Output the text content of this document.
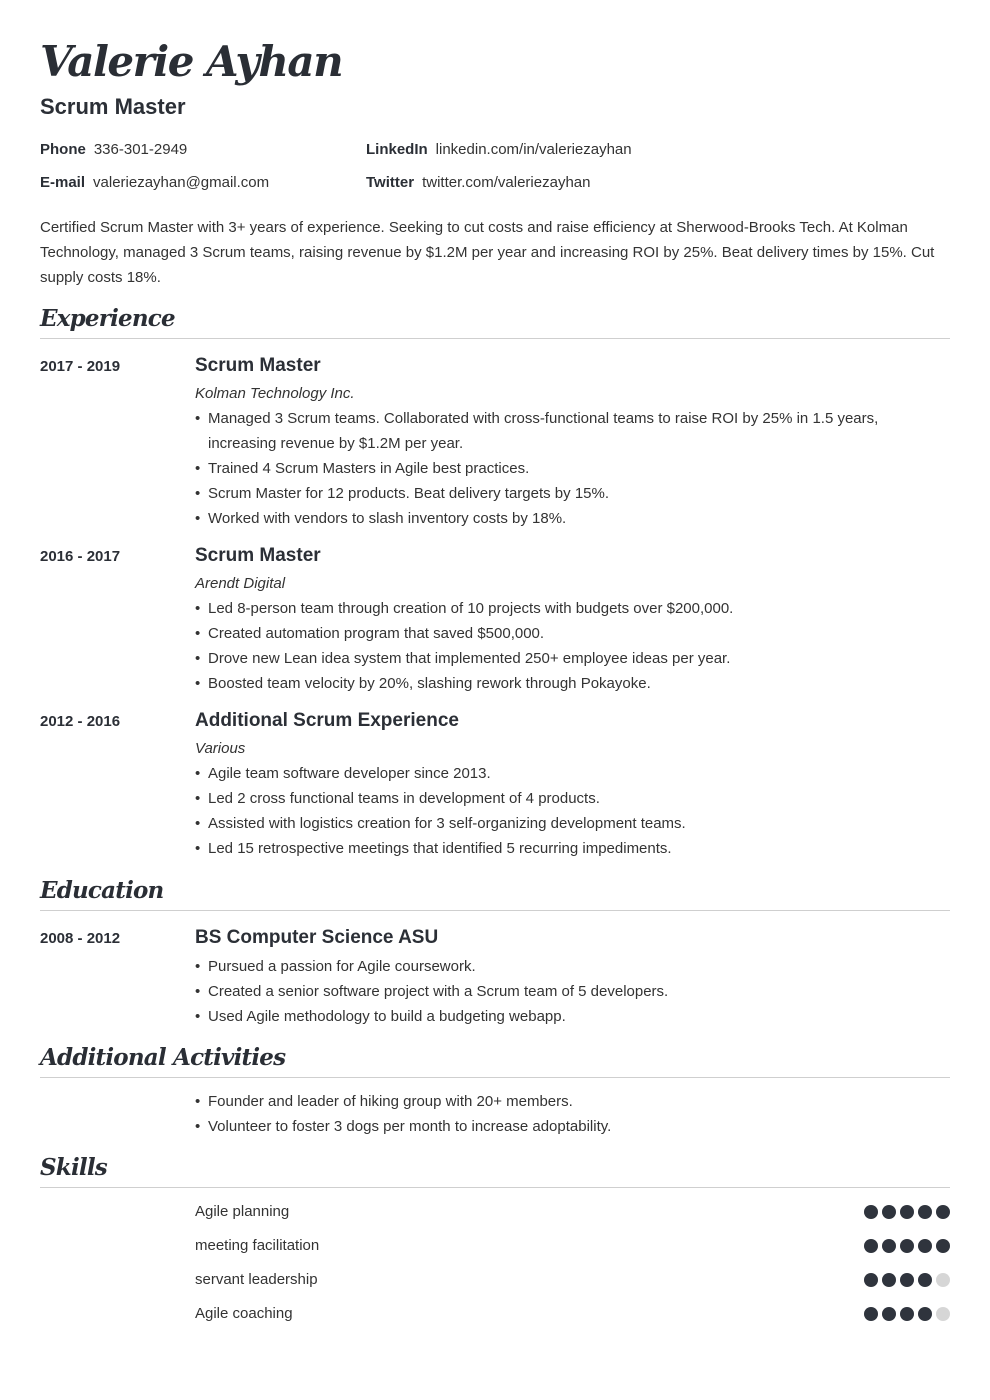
Valerie Ayhan
Scrum Master
Phone 336-301-2949
E-mail valeriezayhan@gmail.com
LinkedIn linkedin.com/in/valeriezayhan
Twitter twitter.com/valeriezayhan
Certified Scrum Master with 3+ years of experience. Seeking to cut costs and raise efficiency at Sherwood-Brooks Tech. At Kolman Technology, managed 3 Scrum teams, raising revenue by $1.2M per year and increasing ROI by 25%. Beat delivery times by 15%. Cut supply costs 18%.
Experience
2017 - 2019	Scrum Master
Kolman Technology Inc.
• Managed 3 Scrum teams. Collaborated with cross-functional teams to raise ROI by 25% in 1.5 years, increasing revenue by $1.2M per year.
• Trained 4 Scrum Masters in Agile best practices.
• Scrum Master for 12 products. Beat delivery targets by 15%.
• Worked with vendors to slash inventory costs by 18%.
2016 - 2017	Scrum Master
Arendt Digital
• Led 8-person team through creation of 10 projects with budgets over $200,000.
• Created automation program that saved $500,000.
• Drove new Lean idea system that implemented 250+ employee ideas per year.
• Boosted team velocity by 20%, slashing rework through Pokayoke.
2012 - 2016	Additional Scrum Experience
Various
• Agile team software developer since 2013.
• Led 2 cross functional teams in development of 4 products.
• Assisted with logistics creation for 3 self-organizing development teams.
• Led 15 retrospective meetings that identified 5 recurring impediments.
Education
2008 - 2012	BS Computer Science ASU
• Pursued a passion for Agile coursework.
• Created a senior software project with a Scrum team of 5 developers.
• Used Agile methodology to build a budgeting webapp.
Additional Activities
• Founder and leader of hiking group with 20+ members.
• Volunteer to foster 3 dogs per month to increase adoptability.
Skills
Agile planning
meeting facilitation
servant leadership
Agile coaching
